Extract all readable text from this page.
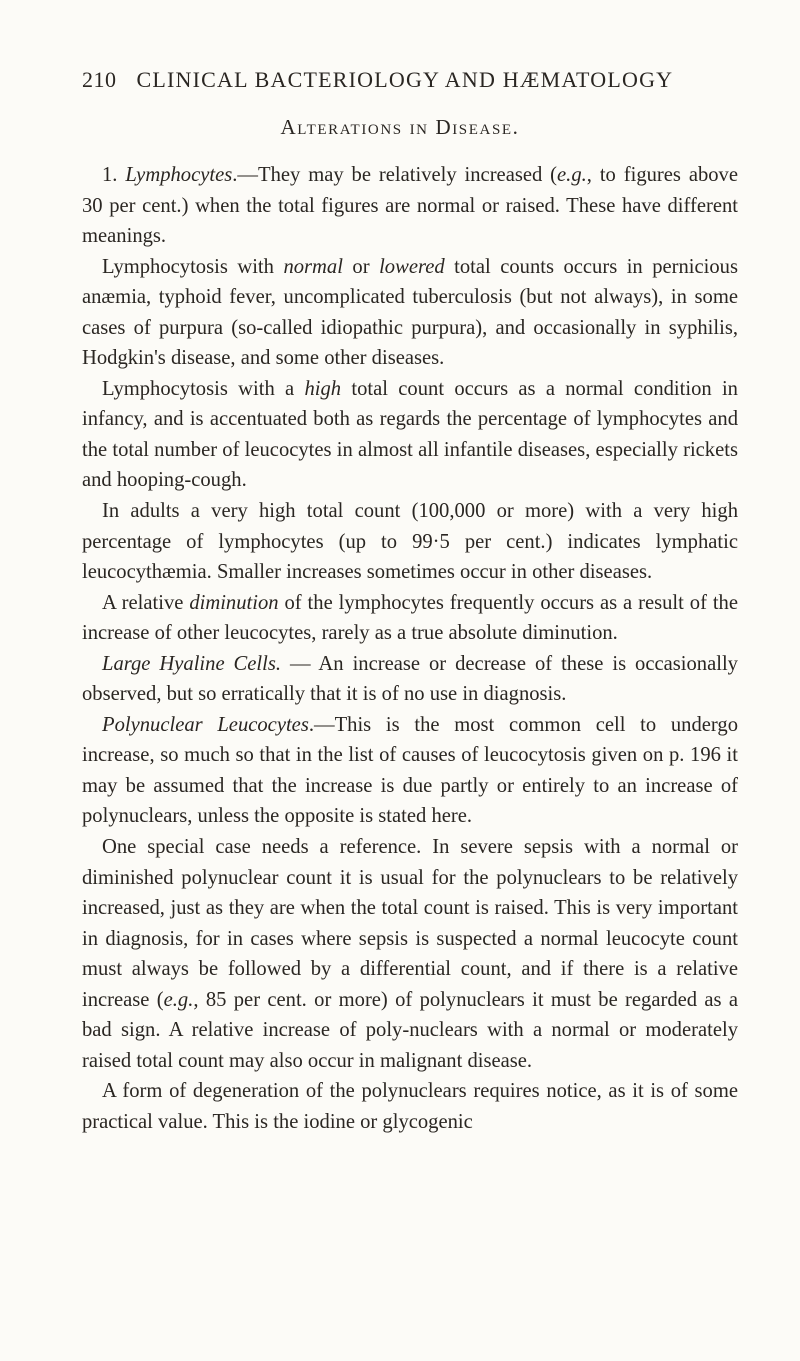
210 CLINICAL BACTERIOLOGY AND HÆMATOLOGY
Alterations in Disease.

1. Lymphocytes.—They may be relatively increased (e.g., to figures above 30 per cent.) when the total figures are normal or raised. These have different meanings.

Lymphocytosis with normal or lowered total counts occurs in pernicious anæmia, typhoid fever, uncomplicated tuberculosis (but not always), in some cases of purpura (so-called idiopathic purpura), and occasionally in syphilis, Hodgkin's disease, and some other diseases.

Lymphocytosis with a high total count occurs as a normal condition in infancy, and is accentuated both as regards the percentage of lymphocytes and the total number of leucocytes in almost all infantile diseases, especially rickets and hooping-cough.

In adults a very high total count (100,000 or more) with a very high percentage of lymphocytes (up to 99·5 per cent.) indicates lymphatic leucocythæmia. Smaller increases sometimes occur in other diseases.

A relative diminution of the lymphocytes frequently occurs as a result of the increase of other leucocytes, rarely as a true absolute diminution.

Large Hyaline Cells. — An increase or decrease of these is occasionally observed, but so erratically that it is of no use in diagnosis.

Polynuclear Leucocytes.—This is the most common cell to undergo increase, so much so that in the list of causes of leucocytosis given on p. 196 it may be assumed that the increase is due partly or entirely to an increase of polynuclears, unless the opposite is stated here.

One special case needs a reference. In severe sepsis with a normal or diminished polynuclear count it is usual for the polynuclears to be relatively increased, just as they are when the total count is raised. This is very important in diagnosis, for in cases where sepsis is suspected a normal leucocyte count must always be followed by a differential count, and if there is a relative increase (e.g., 85 per cent. or more) of polynuclears it must be regarded as a bad sign. A relative increase of poly-nuclears with a normal or moderately raised total count may also occur in malignant disease.

A form of degeneration of the polynuclears requires notice, as it is of some practical value. This is the iodine or glycogenic
